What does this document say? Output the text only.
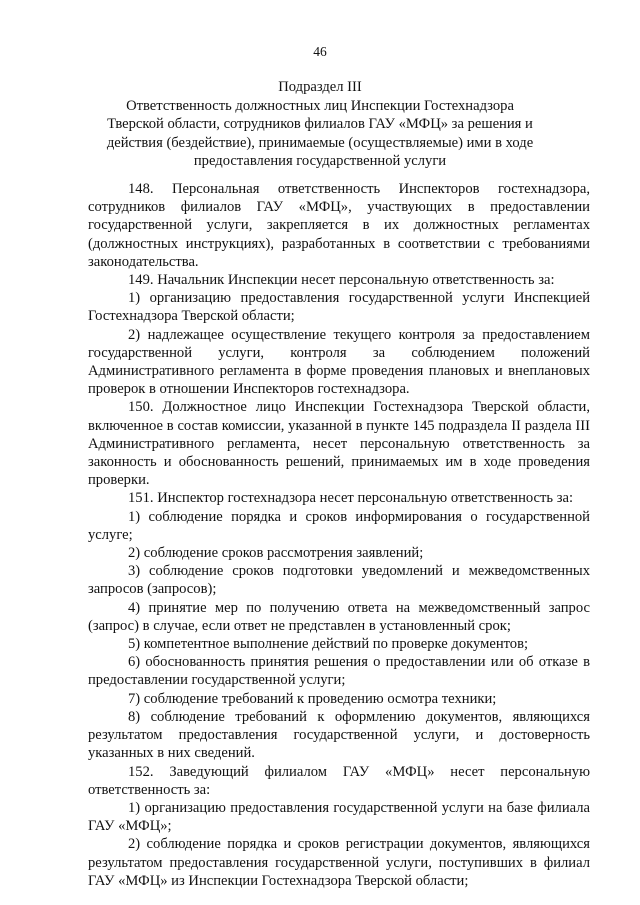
46
Подраздел III
Ответственность должностных лиц Инспекции Гостехнадзора Тверской области, сотрудников филиалов ГАУ «МФЦ» за решения и действия (бездействие), принимаемые (осуществляемые) ими в ходе предоставления государственной услуги

148. Персональная ответственность Инспекторов гостехнадзора, сотрудников филиалов ГАУ «МФЦ», участвующих в предоставлении государственной услуги, закрепляется в их должностных регламентах (должностных инструкциях), разработанных в соответствии с требованиями законодательства.

149. Начальник Инспекции несет персональную ответственность за:

1) организацию предоставления государственной услуги Инспекцией Гостехнадзора Тверской области;

2) надлежащее осуществление текущего контроля за предоставлением государственной услуги, контроля за соблюдением положений Административного регламента в форме проведения плановых и внеплановых проверок в отношении Инспекторов гостехнадзора.

150. Должностное лицо Инспекции Гостехнадзора Тверской области, включенное в состав комиссии, указанной в пункте 145 подраздела II раздела III Административного регламента, несет персональную ответственность за законность и обоснованность решений, принимаемых им в ходе проведения проверки.

151. Инспектор гостехнадзора несет персональную ответственность за:

1) соблюдение порядка и сроков информирования о государственной услуге;

2) соблюдение сроков рассмотрения заявлений;

3) соблюдение сроков подготовки уведомлений и межведомственных запросов (запросов);

4) принятие мер по получению ответа на межведомственный запрос (запрос) в случае, если ответ не представлен в установленный срок;

5) компетентное выполнение действий по проверке документов;

6) обоснованность принятия решения о предоставлении или об отказе в предоставлении государственной услуги;

7) соблюдение требований к проведению осмотра техники;

8) соблюдение требований к оформлению документов, являющихся результатом предоставления государственной услуги, и достоверность указанных в них сведений.

152. Заведующий филиалом ГАУ «МФЦ» несет персональную ответственность за:

1) организацию предоставления государственной услуги на базе филиала ГАУ «МФЦ»;

2) соблюдение порядка и сроков регистрации документов, являющихся результатом предоставления государственной услуги, поступивших в филиал ГАУ «МФЦ» из Инспекции Гостехнадзора Тверской области;
